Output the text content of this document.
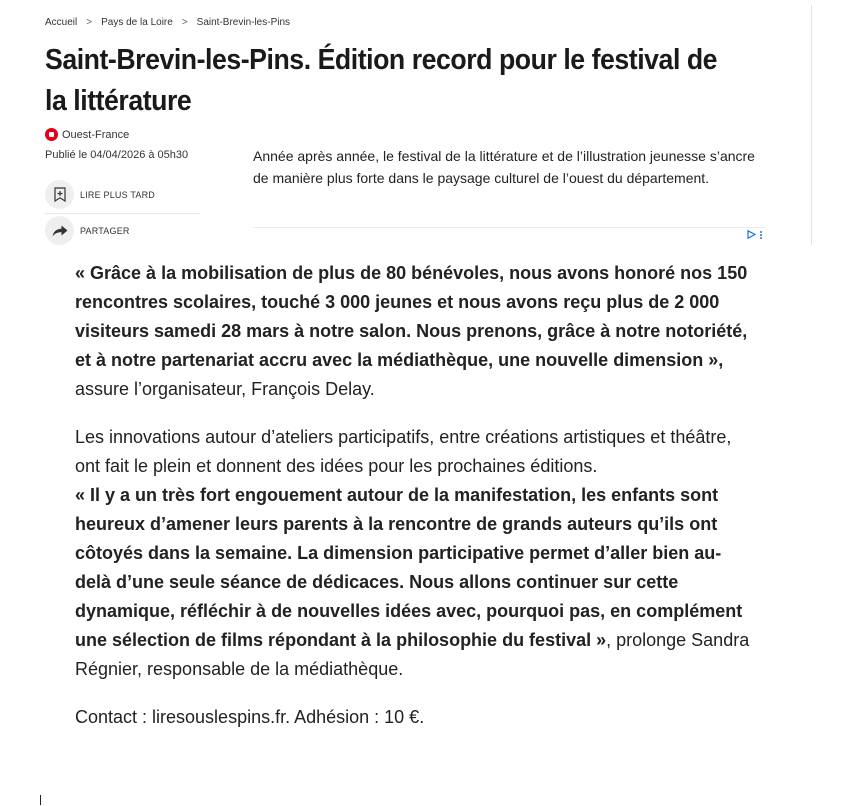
Accueil > Pays de la Loire > Saint-Brevin-les-Pins
Saint-Brevin-les-Pins. Édition record pour le festival de la littérature
Ouest-France
Publié le 04/04/2026 à 05h30
LIRE PLUS TARD
PARTAGER

Année après année, le festival de la littérature et de l’illustration jeunesse s’ancre de manière plus forte dans le paysage culturel de l’ouest du département.

« Grâce à la mobilisation de plus de 80 bénévoles, nous avons honoré nos 150 rencontres scolaires, touché 3 000 jeunes et nous avons reçu plus de 2 000 visiteurs samedi 28 mars à notre salon. Nous prenons, grâce à notre notoriété, et à notre partenariat accru avec la médiathèque, une nouvelle dimension », assure l’organisateur, François Delay.

Les innovations autour d’ateliers participatifs, entre créations artistiques et théâtre, ont fait le plein et donnent des idées pour les prochaines éditions.
« Il y a un très fort engouement autour de la manifestation, les enfants sont heureux d’amener leurs parents à la rencontre de grands auteurs qu’ils ont côtoyés dans la semaine. La dimension participative permet d’aller bien au-delà d’une seule séance de dédicaces. Nous allons continuer sur cette dynamique, réfléchir à de nouvelles idées avec, pourquoi pas, en complément une sélection de films répondant à la philosophie du festival », prolonge Sandra Régnier, responsable de la médiathèque.

Contact : liresouslespins.fr. Adhésion : 10 €.
